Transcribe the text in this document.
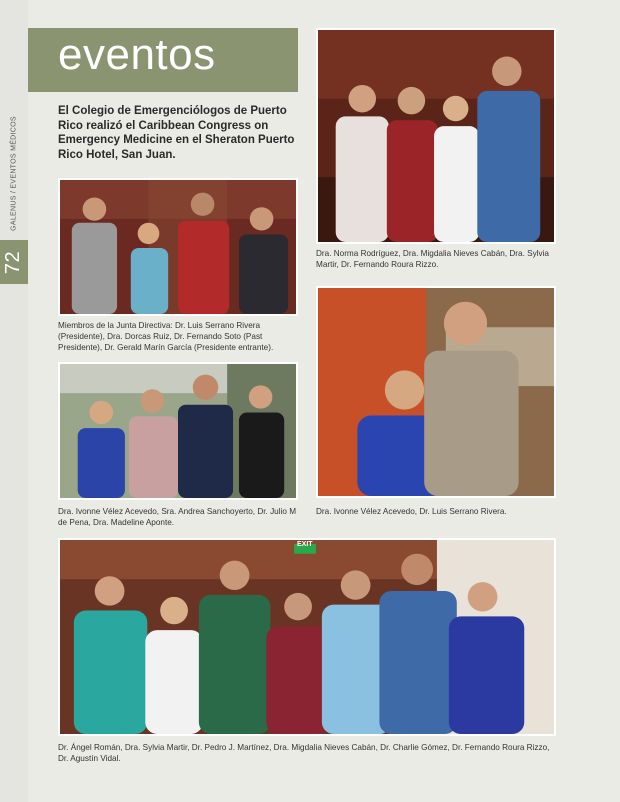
GALENUS / EVENTOS MÉDICOS
72
eventos
El Colegio de Emergenciólogos de Puerto Rico realizó el Caribbean Congress on Emergency Medicine en el Sheraton Puerto Rico Hotel, San Juan.
Miembros de la Junta Directiva: Dr. Luis Serrano Rivera (Presidente), Dra. Dorcas Ruiz, Dr. Fernando Soto (Past Presidente), Dr. Gerald Marín García (Presidente entrante).
Dra. Norma Rodríguez, Dra. Migdalia Nieves Cabán, Dra. Sylvia Martir, Dr. Fernando Roura Rizzo.
Dra. Ivonne Vélez Acevedo, Sra. Andrea Sanchoyerto, Dr. Julio M de Pena, Dra. Madeline Aponte.
Dra. Ivonne Vélez Acevedo, Dr. Luis Serrano Rivera.
EXIT
Dr. Ángel Román, Dra. Sylvia Martir, Dr. Pedro J. Martínez, Dra. Migdalia Nieves Cabán, Dr. Charlie Gómez, Dr. Fernando Roura Rizzo, Dr. Agustín Vidal.
